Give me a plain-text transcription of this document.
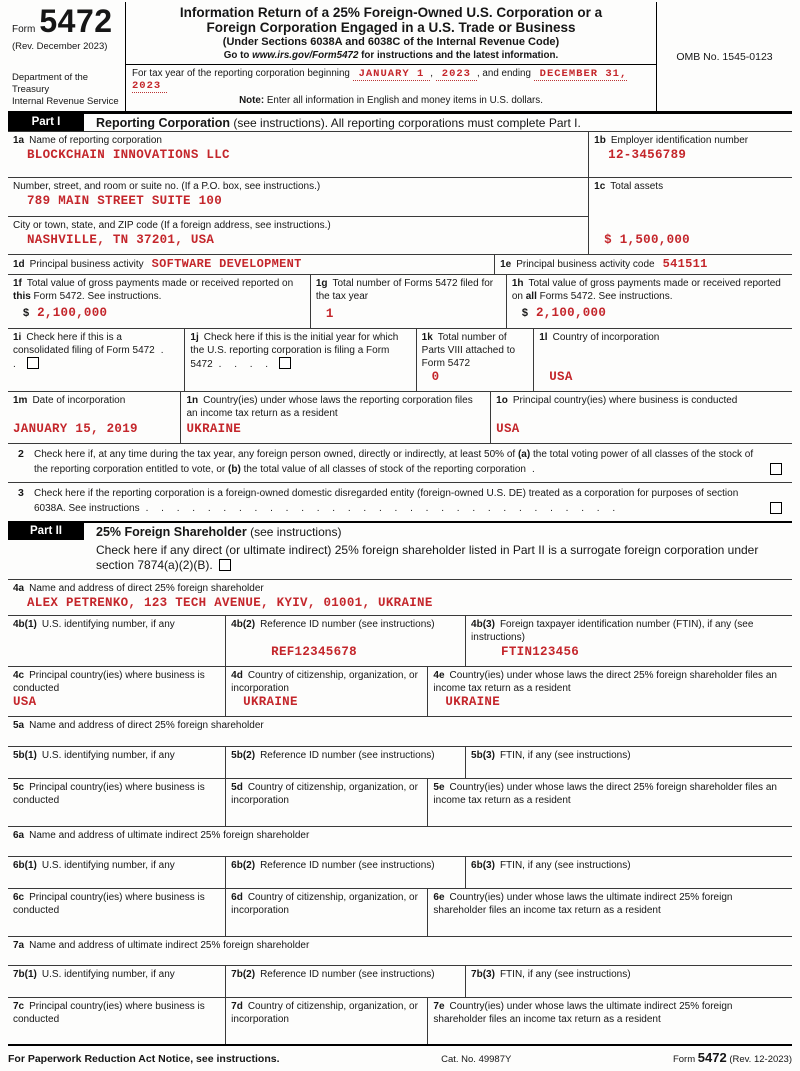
Form 5472
(Rev. December 2023)
Department of the Treasury
Internal Revenue Service
Information Return of a 25% Foreign-Owned U.S. Corporation or a
Foreign Corporation Engaged in a U.S. Trade or Business
(Under Sections 6038A and 6038C of the Internal Revenue Code)
Go to www.irs.gov/Form5472 for instructions and the latest information.
For tax year of the reporting corporation beginning JANUARY 1 , 2023 , and ending DECEMBER 31, 2023
Note: Enter all information in English and money items in U.S. dollars.
OMB No. 1545-0123
Part I	Reporting Corporation (see instructions). All reporting corporations must complete Part I.
1a Name of reporting corporation
BLOCKCHAIN INNOVATIONS LLC
1b Employer identification number
12-3456789
Number, street, and room or suite no. (If a P.O. box, see instructions.)
789 MAIN STREET SUITE 100
City or town, state, and ZIP code (If a foreign address, see instructions.)
NASHVILLE, TN 37201, USA
1c Total assets
$ 1,500,000
1d Principal business activity SOFTWARE DEVELOPMENT	1e Principal business activity code 541511
1f Total value of gross payments made or received reported on this Form 5472. See instructions.
$ 2,100,000
1g Total number of Forms 5472 filed for the tax year
1
1h Total value of gross payments made or received reported on all Forms 5472. See instructions.
$ 2,100,000
1i Check here if this is a consolidated filing of Form 5472 . .
1j Check here if this is the initial year for which the U.S. reporting corporation is filing a Form 5472 . . . .
1k Total number of Parts VIII attached to Form 5472
0
1l Country of incorporation
USA
1m Date of incorporation
JANUARY 15, 2019
1n Country(ies) under whose laws the reporting corporation files an income tax return as a resident
UKRAINE
1o Principal country(ies) where business is conducted
USA
2	Check here if, at any time during the tax year, any foreign person owned, directly or indirectly, at least 50% of (a) the total voting power of all classes of the stock of the reporting corporation entitled to vote, or (b) the total value of all classes of stock of the reporting corporation .
3	Check here if the reporting corporation is a foreign-owned domestic disregarded entity (foreign-owned U.S. DE) treated as a corporation for purposes of section 6038A. See instructions . . . . . . . . . . . . . . . . . . . . . . . . . . . . . . .
Part II	25% Foreign Shareholder (see instructions)
Check here if any direct (or ultimate indirect) 25% foreign shareholder listed in Part II is a surrogate foreign corporation under section 7874(a)(2)(B).
4a Name and address of direct 25% foreign shareholder
ALEX PETRENKO, 123 TECH AVENUE, KYIV, 01001, UKRAINE
4b(1) U.S. identifying number, if any	4b(2) Reference ID number (see instructions)
REF12345678
4b(3) Foreign taxpayer identification number (FTIN), if any (see instructions)
FTIN123456
4c Principal country(ies) where business is conducted
USA
4d Country of citizenship, organization, or incorporation
UKRAINE
4e Country(ies) under whose laws the direct 25% foreign shareholder files an income tax return as a resident
UKRAINE
5a Name and address of direct 25% foreign shareholder
5b(1) U.S. identifying number, if any	5b(2) Reference ID number (see instructions)	5b(3) FTIN, if any (see instructions)
5c Principal country(ies) where business is conducted
5d Country of citizenship, organization, or incorporation
5e Country(ies) under whose laws the direct 25% foreign shareholder files an income tax return as a resident
6a Name and address of ultimate indirect 25% foreign shareholder
6b(1) U.S. identifying number, if any	6b(2) Reference ID number (see instructions)	6b(3) FTIN, if any (see instructions)
6c Principal country(ies) where business is conducted
6d Country of citizenship, organization, or incorporation
6e Country(ies) under whose laws the ultimate indirect 25% foreign shareholder files an income tax return as a resident
7a Name and address of ultimate indirect 25% foreign shareholder
7b(1) U.S. identifying number, if any	7b(2) Reference ID number (see instructions)	7b(3) FTIN, if any (see instructions)
7c Principal country(ies) where business is conducted
7d Country of citizenship, organization, or incorporation
7e Country(ies) under whose laws the ultimate indirect 25% foreign shareholder files an income tax return as a resident
For Paperwork Reduction Act Notice, see instructions.	Cat. No. 49987Y	Form 5472 (Rev. 12-2023)
